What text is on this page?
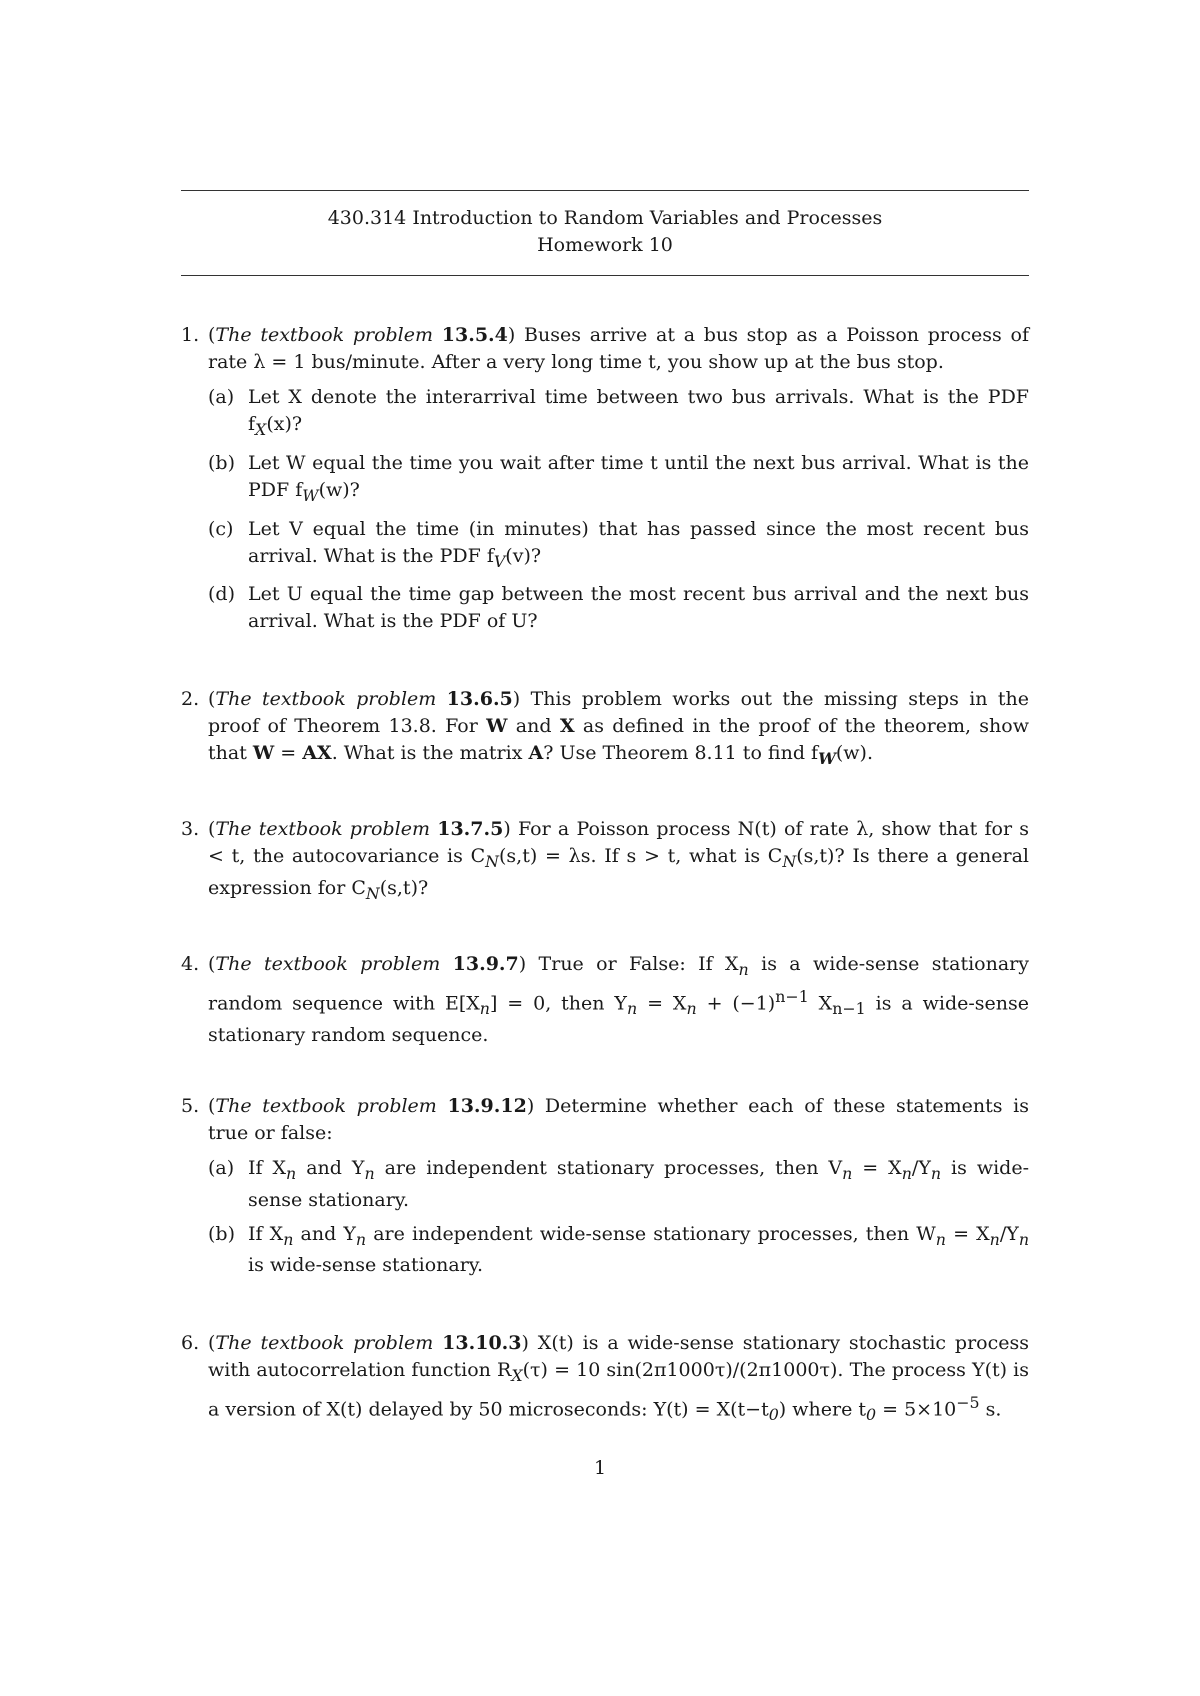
430.314 Introduction to Random Variables and Processes
Homework 10
1. (The textbook problem 13.5.4) Buses arrive at a bus stop as a Poisson process of rate λ = 1 bus/minute. After a very long time t, you show up at the bus stop.
(a) Let X denote the interarrival time between two bus arrivals. What is the PDF $f_X(x)$?
(b) Let W equal the time you wait after time t until the next bus arrival. What is the PDF $f_W(w)$?
(c) Let V equal the time (in minutes) that has passed since the most recent bus arrival. What is the PDF $f_V(v)$?
(d) Let U equal the time gap between the most recent bus arrival and the next bus arrival. What is the PDF of U?
2. (The textbook problem 13.6.5) This problem works out the missing steps in the proof of Theorem 13.8. For W and X as defined in the proof of the theorem, show that W = AX. What is the matrix A? Use Theorem 8.11 to find $f_W(w)$.
3. (The textbook problem 13.7.5) For a Poisson process N(t) of rate λ, show that for s < t, the autocovariance is $C_N(s,t) = \lambda s$. If s > t, what is $C_N(s,t)$? Is there a general expression for $C_N(s,t)$?
4. (The textbook problem 13.9.7) True or False: If $X_n$ is a wide-sense stationary random sequence with $E[X_n] = 0$, then $Y_n = X_n + (-1)^{n-1}$ $X_{n-1}$ is a wide-sense stationary random sequence.
5. (The textbook problem 13.9.12) Determine whether each of these statements is true or false:
(a) If $X_n$ and $Y_n$ are independent stationary processes, then $V_n = X_n/Y_n$ is wide-sense stationary.
(b) If $X_n$ and $Y_n$ are independent wide-sense stationary processes, then $W_n = X_n/Y_n$ is wide-sense stationary.
6. (The textbook problem 13.10.3) X(t) is a wide-sense stationary stochastic process with autocorrelation function $R_X(\tau) = 10$ sin(2π1000τ)/(2π1000τ). The process Y(t) is a version of X(t) delayed by 50 microseconds: $Y(t) = X(t-t_0)$ where $t_0 = 5\times 10^{-5}$ s.
1
